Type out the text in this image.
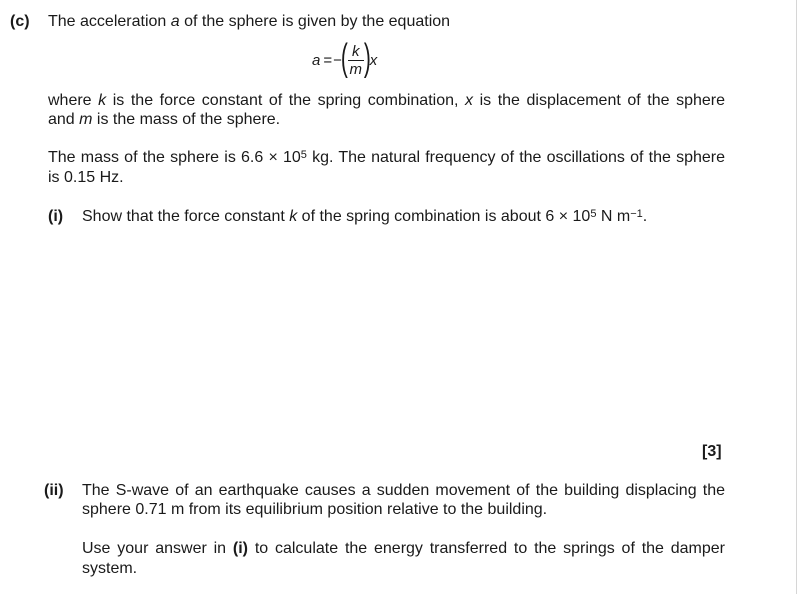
(c) The acceleration a of the sphere is given by the equation
a = −
( $\frac{k}{m}$ )
x
where k is the force constant of the spring combination, x is the displacement of the sphere
and m is the mass of the sphere.
The mass of the sphere is $6.6 \times 10^5$ kg. The natural frequency of the oscillations of the sphere
is 0.15 Hz.
(i) Show that the force constant k of the spring combination is about $6 \times 10^5$ N $m^{-1}$.
[3]
(ii) The S-wave of an earthquake causes a sudden movement of the building displacing the
sphere 0.71 m from its equilibrium position relative to the building.
Use your answer in (i) to calculate the energy transferred to the springs of the damper
system.
